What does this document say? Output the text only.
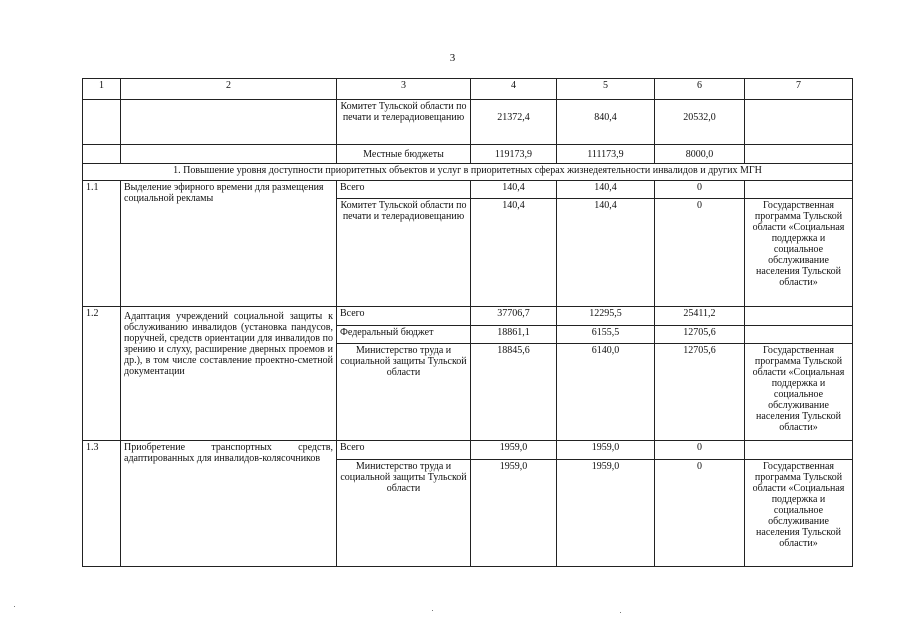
3
1	2	3	4	5	6	7
		Комитет Тульской области по печати и телерадиовещанию	21372,4	840,4	20532,0	
		Местные бюджеты	119173,9	111173,9	8000,0	
1. Повышение уровня доступности приоритетных объектов и услуг в приоритетных сферах жизнедеятельности инвалидов и других МГН						
1.1	Выделение эфирного времени для размещения социальной рекламы	Всего	140,4	140,4	0	
		Комитет Тульской области по печати и телерадиовещанию	140,4	140,4	0	Государственная программа Тульской области «Социальная поддержка и социальное обслуживание населения Тульской области»
1.2	Адаптация учреждений социальной защиты к обслуживанию инвалидов (установка пандусов, поручней, средств ориентации для инвалидов по зрению и слуху, расширение дверных проемов и др.), в том числе составление проектно-сметной документации	Всего	37706,7	12295,5	25411,2	
		Федеральный бюджет	18861,1	6155,5	12705,6	
		Министерство труда и социальной защиты Тульской области	18845,6	6140,0	12705,6	Государственная программа Тульской области «Социальная поддержка и социальное обслуживание населения Тульской области»
1.3	Приобретение транспортных средств, адаптированных для инвалидов-колясочников	Всего	1959,0	1959,0	0	
		Министерство труда и социальной защиты Тульской области	1959,0	1959,0	0	Государственная программа Тульской области «Социальная поддержка и социальное обслуживание населения Тульской области»
